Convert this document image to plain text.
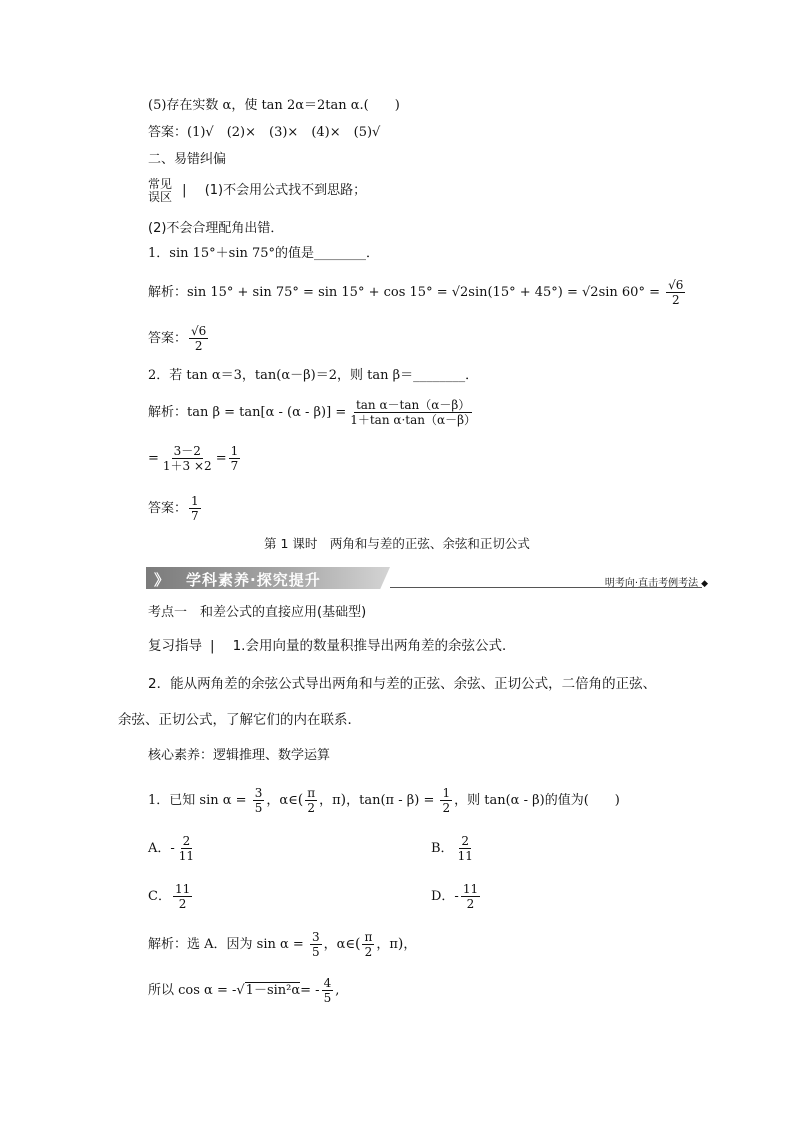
(5)存在实数 α，使 tan 2α＝2tan α.(　　)
答案：(1)√　(2)×　(3)×　(4)×　(5)√
二、易错纠偏
常见
误区 | (1)不会用公式找不到思路；
(2)不会合理配角出错．
1．sin 15°＋sin 75°的值是________．
解析：sin 15° + sin 75° = sin 15° + cos 15° = √2sin(15° + 45°) = √2sin $60^\circ = \frac{√6}{2}$
答案： $\frac{√6}{2}$
2．若 tan α＝3，tan(α－β)＝2，则 tan β＝________．
解析：$\tan \beta = \tan[\alpha - (\alpha - \beta)] = \frac{\text{tan α－tan（α－β）}}{\text{1＋tan α·tan（α－β）}}$
= $\frac{3-2}{1+3 \times 2} = \frac{1}{7}$
答案： $\frac{1}{7}$
第 1 课时　两角和与差的正弦、余弦和正切公式
》 学科素养·探究提升	明考向·直击考例考法 ◆
考点一　和差公式的直接应用(基础型)
复习指导 | 1.会用向量的数量积推导出两角差的余弦公式．
2．能从两角差的余弦公式导出两角和与差的正弦、余弦、正切公式，二倍角的正弦、
余弦、正切公式，了解它们的内在联系．
核心素养：逻辑推理、数学运算
1．已知 $\sin \alpha = \frac{3}{5}$ ，α∈( $\frac{\pi}{2}$ ，π)，$\tan(\pi - \beta) = \frac{1}{2}$ ，则 tan(α - β)的值为(　　)
A．- $\frac{2}{11}$	B． $\frac{2}{11}$
C． $\frac{11}{2}$	D．- $\frac{11}{2}$
解析：选 A．因为 $\sin \alpha = \frac{3}{5}$ ，α∈( $\frac{\pi}{2}$ ，π)，
所以 $\cos \alpha = -√1-\sin^2\alpha= - \frac{4}{5}$ ,
